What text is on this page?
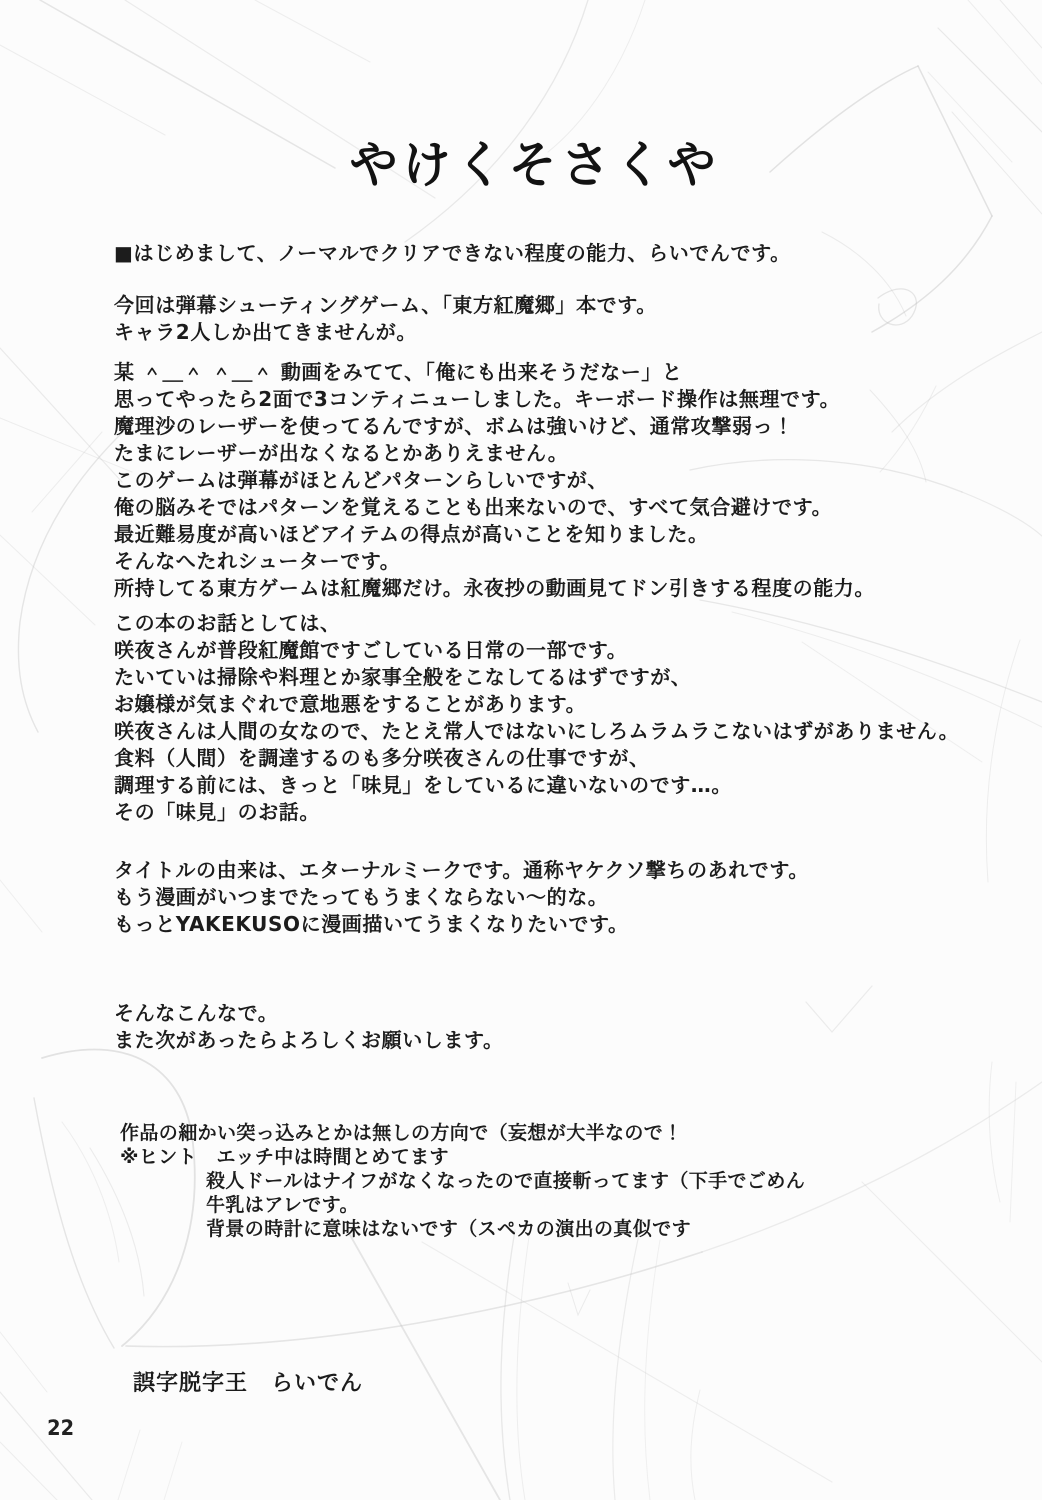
やけくそさくや
■はじめまして、ノーマルでクリアできない程度の能力、らいでんです。
今回は弾幕シューティングゲーム、「東方紅魔郷」本です。
キャラ2人しか出てきませんが。
某 ＾＿＾ ＾＿＾ 動画をみてて、「俺にも出来そうだなー」と
思ってやったら2面で3コンティニューしました。キーボード操作は無理です。
魔理沙のレーザーを使ってるんですが、ボムは強いけど、通常攻撃弱っ！
たまにレーザーが出なくなるとかありえません。
このゲームは弾幕がほとんどパターンらしいですが、
俺の脳みそではパターンを覚えることも出来ないので、すべて気合避けです。
最近難易度が高いほどアイテムの得点が高いことを知りました。
そんなへたれシューターです。
所持してる東方ゲームは紅魔郷だけ。永夜抄の動画見てドン引きする程度の能力。
この本のお話としては、
咲夜さんが普段紅魔館ですごしている日常の一部です。
たいていは掃除や料理とか家事全般をこなしてるはずですが、
お嬢様が気まぐれで意地悪をすることがあります。
咲夜さんは人間の女なので、たとえ常人ではないにしろムラムラこないはずがありません。
食料（人間）を調達するのも多分咲夜さんの仕事ですが、
調理する前には、きっと「味見」をしているに違いないのです…。
その「味見」のお話。
タイトルの由来は、エターナルミークです。通称ヤケクソ撃ちのあれです。
もう漫画がいつまでたってもうまくならない～的な。
もっとYAKEKUSOに漫画描いてうまくなりたいです。
そんなこんなで。
また次があったらよろしくお願いします。
作品の細かい突っ込みとかは無しの方向で（妄想が大半なので！
※ヒント　エッチ中は時間とめてます
殺人ドールはナイフがなくなったので直接斬ってます（下手でごめん
牛乳はアレです。
背景の時計に意味はないです（スペカの演出の真似です
誤字脱字王　らいでん
22
